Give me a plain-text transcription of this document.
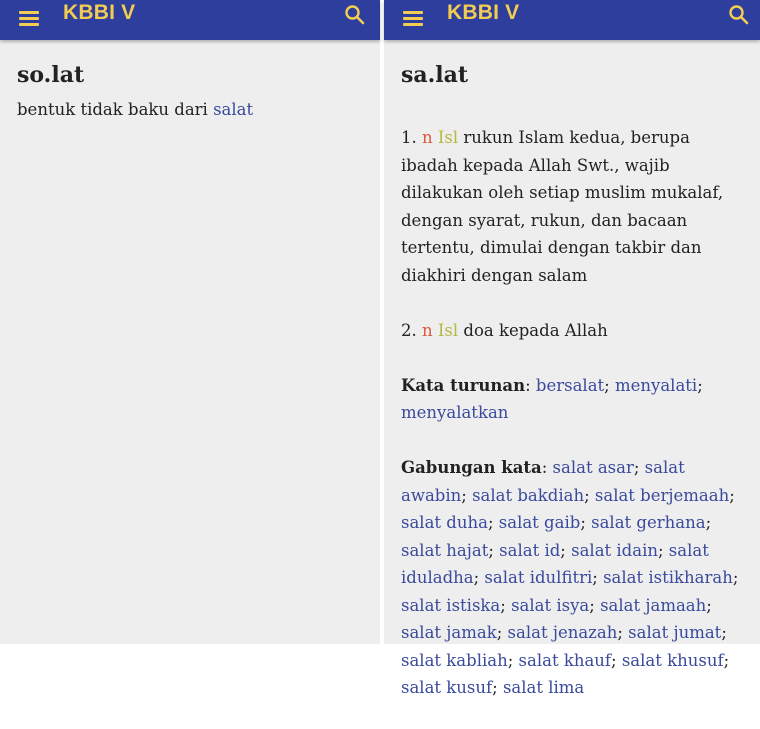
KBBI V
so.lat
bentuk tidak baku dari salat
KBBI V
sa.lat

1. n Isl rukun Islam kedua, berupa ibadah kepada Allah Swt., wajib dilakukan oleh setiap muslim mukalaf, dengan syarat, rukun, dan bacaan tertentu, dimulai dengan takbir dan diakhiri dengan salam

2. n Isl doa kepada Allah

Kata turunan: bersalat; menyalati; menyalatkan

Gabungan kata: salat asar; salat awabin; salat bakdiah; salat berjemaah; salat duha; salat gaib; salat gerhana; salat hajat; salat id; salat idain; salat iduladha; salat idulfitri; salat istikharah; salat istiska; salat isya; salat jamaah; salat jamak; salat jenazah; salat jumat; salat kabliah; salat khauf; salat khusuf; salat kusuf; salat lima
